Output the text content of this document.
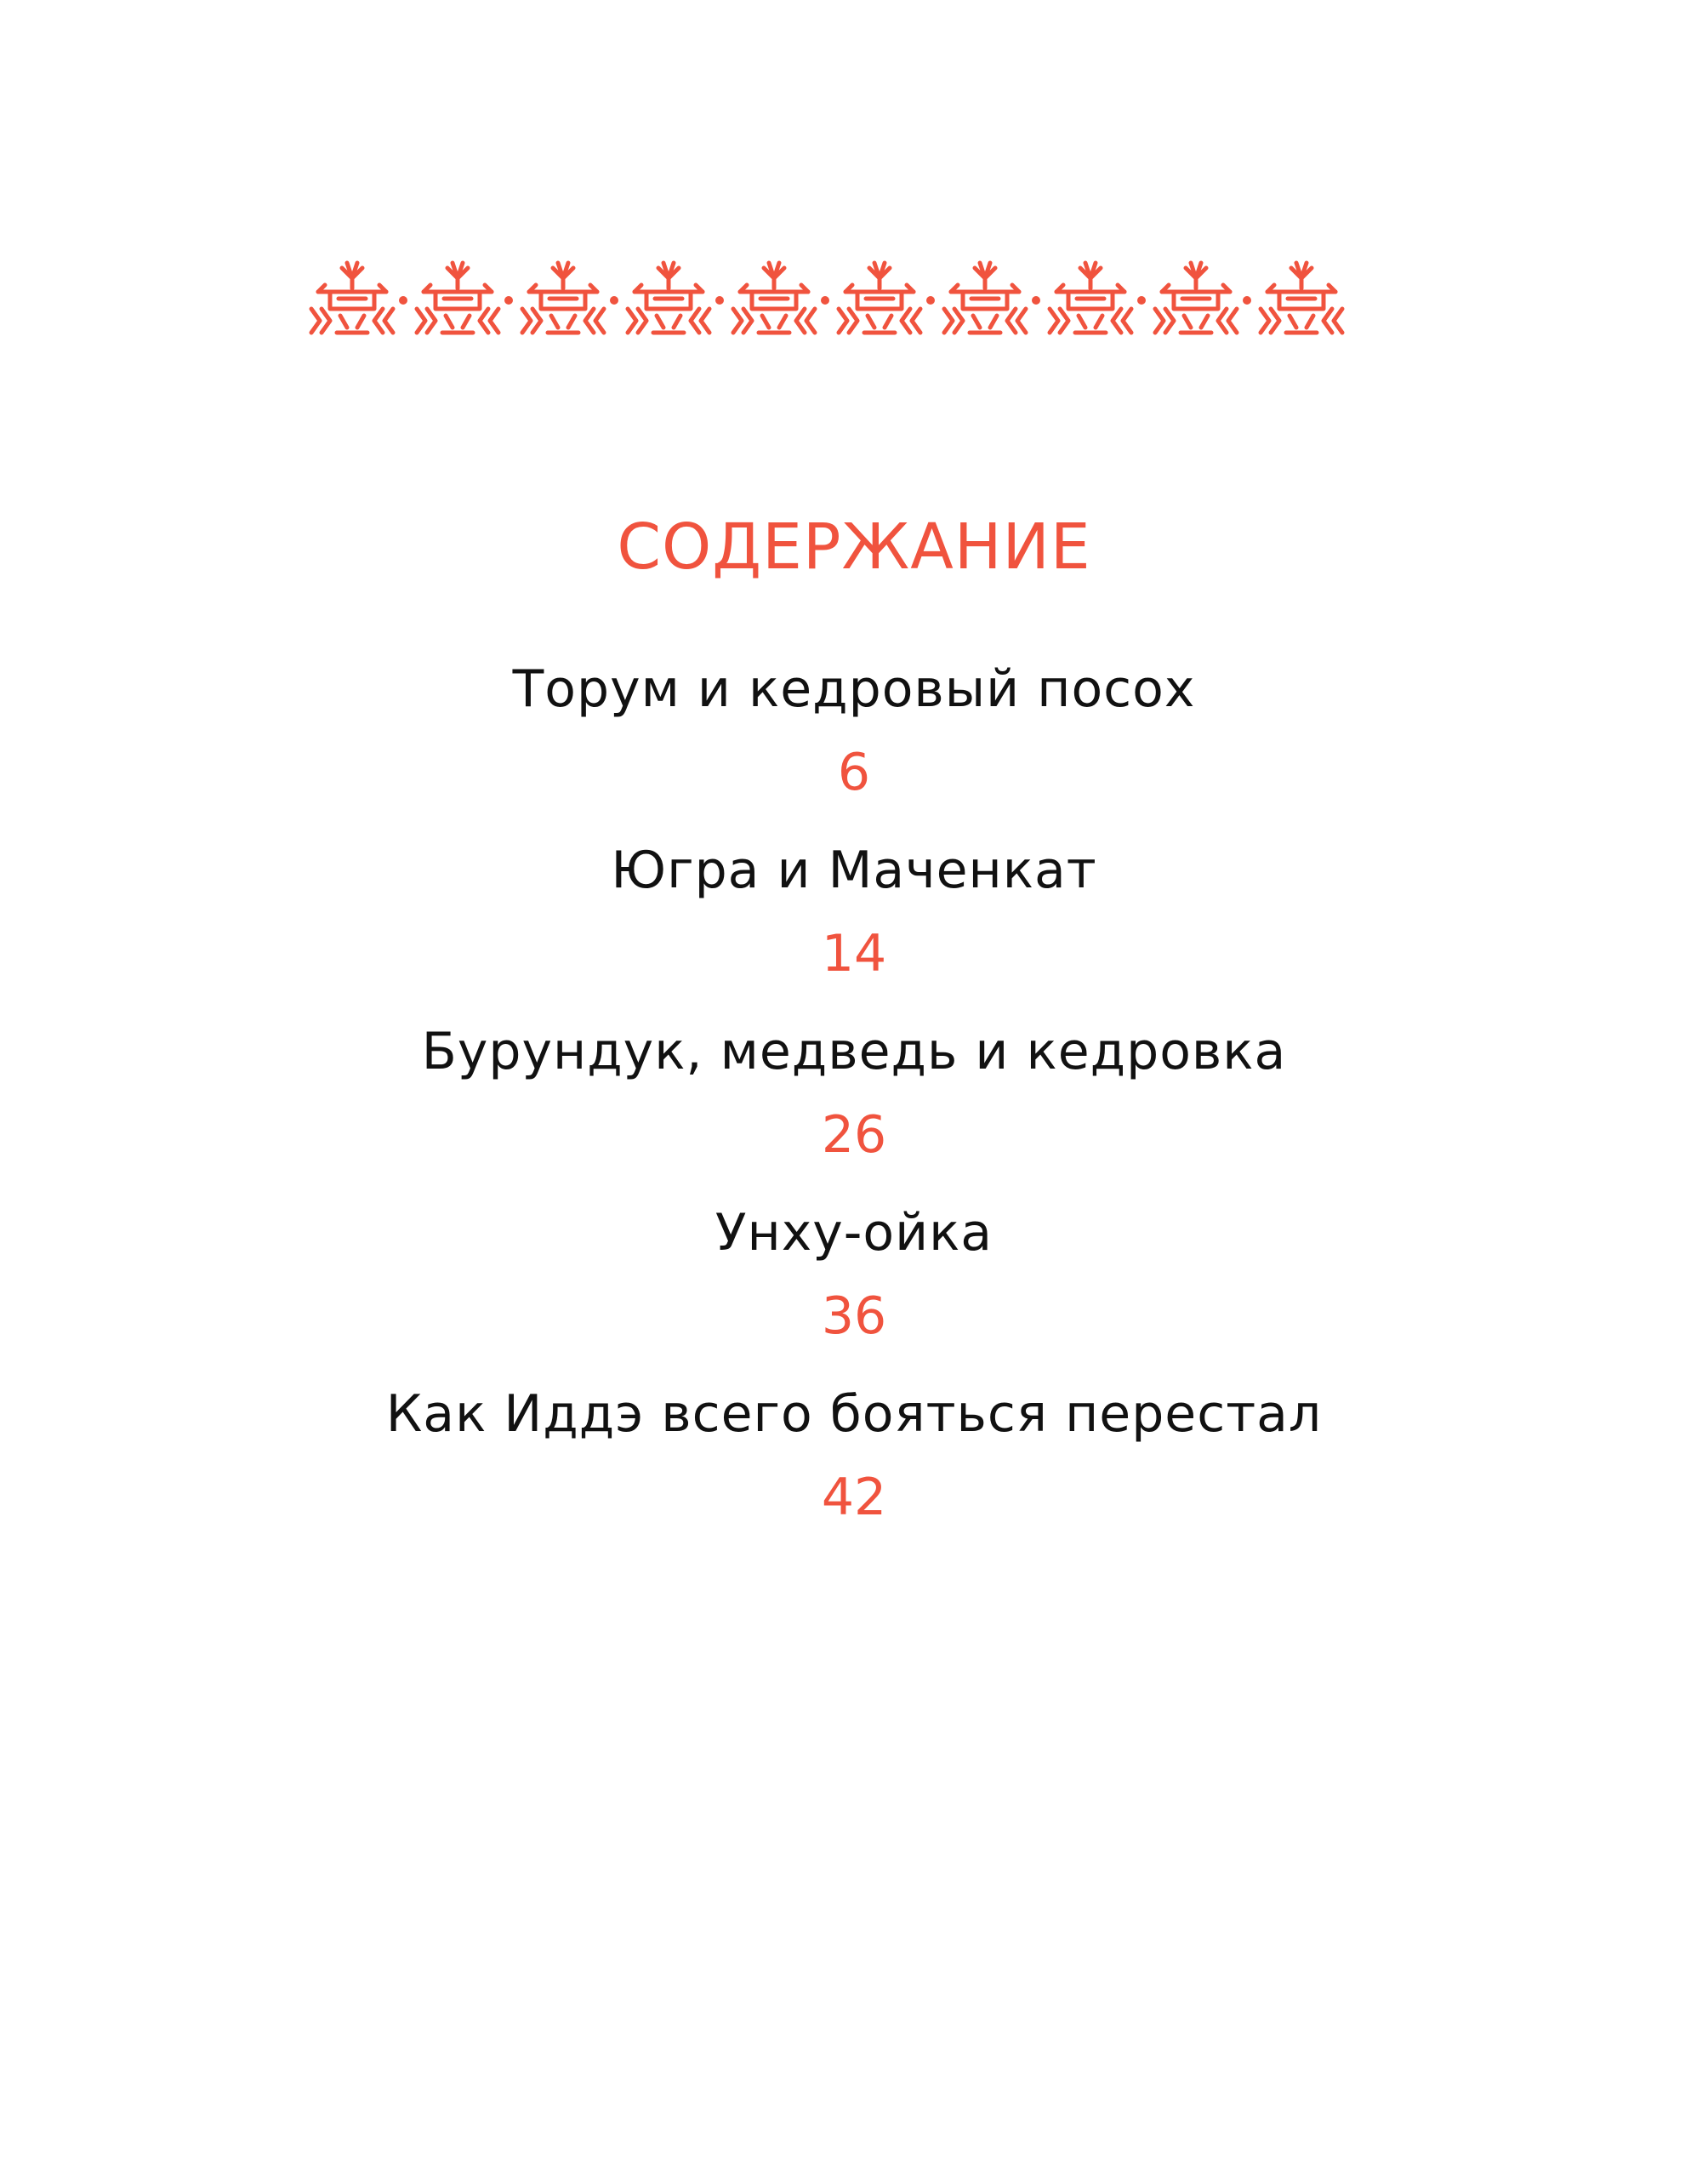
СОДЕРЖАНИЕ
Торум и кедровый посох
6
Югра и Маченкат
14
Бурундук, медведь и кедровка
26
Унху-ойка
36
Как Иддэ всего бояться перестал
42
